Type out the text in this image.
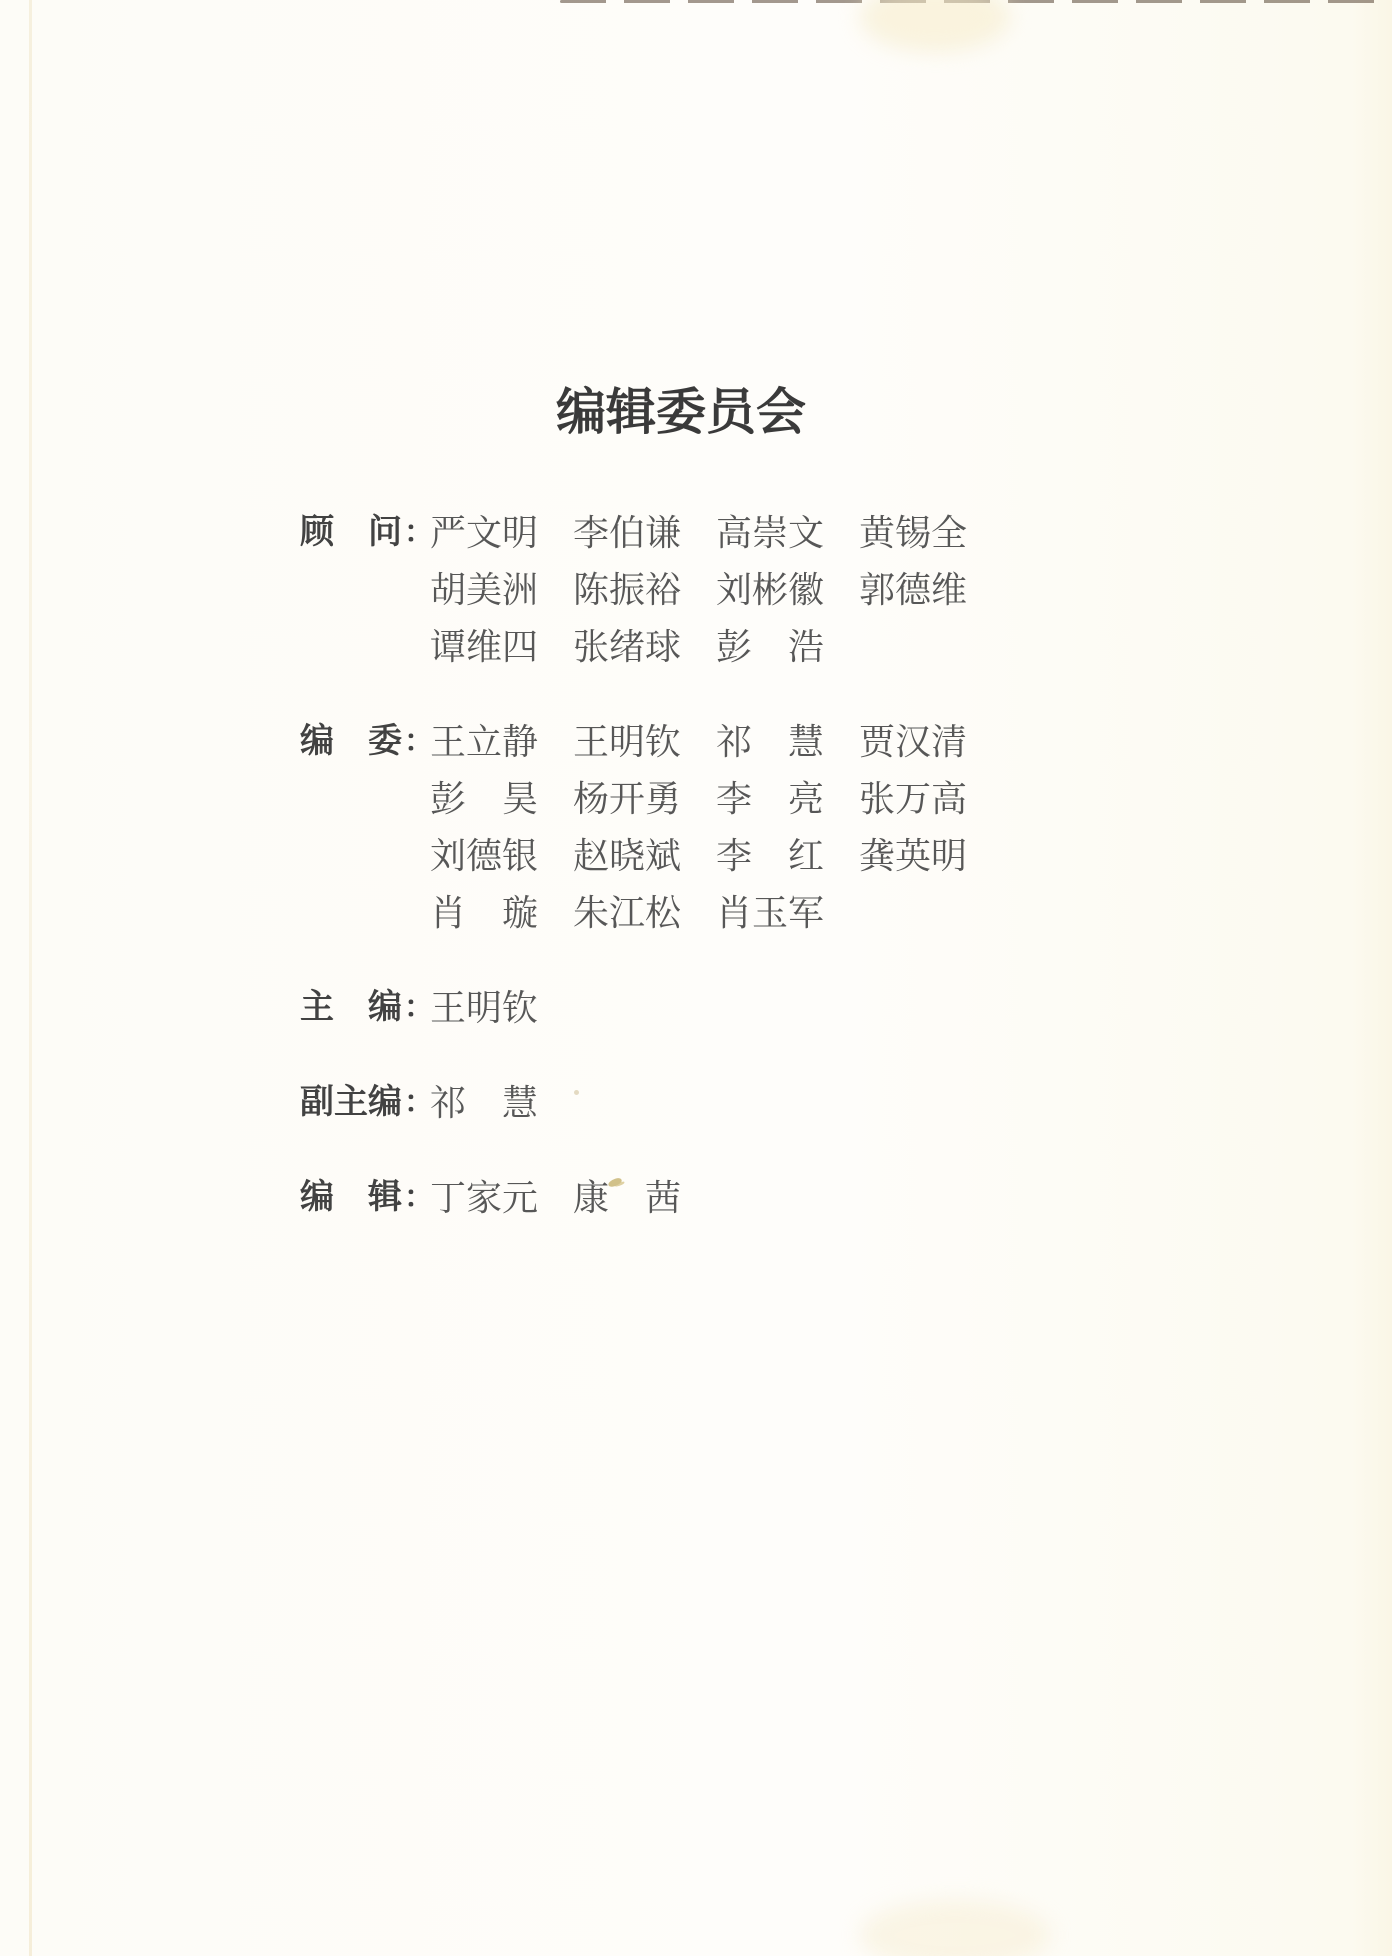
编辑委员会
顾　问 ：
严文明 李伯谦 高崇文 黄锡全
胡美洲 陈振裕 刘彬徽 郭德维
谭维四 张绪球 彭　浩
编　委 ：
王立静 王明钦 祁　慧 贾汉清
彭　昊 杨开勇 李　亮 张万高
刘德银 赵晓斌 李　红 龚英明
肖　璇 朱江松 肖玉军
主　编 ：
王明钦
副主编 ：
祁　慧
编　辑 ：
丁家元 康　茜
